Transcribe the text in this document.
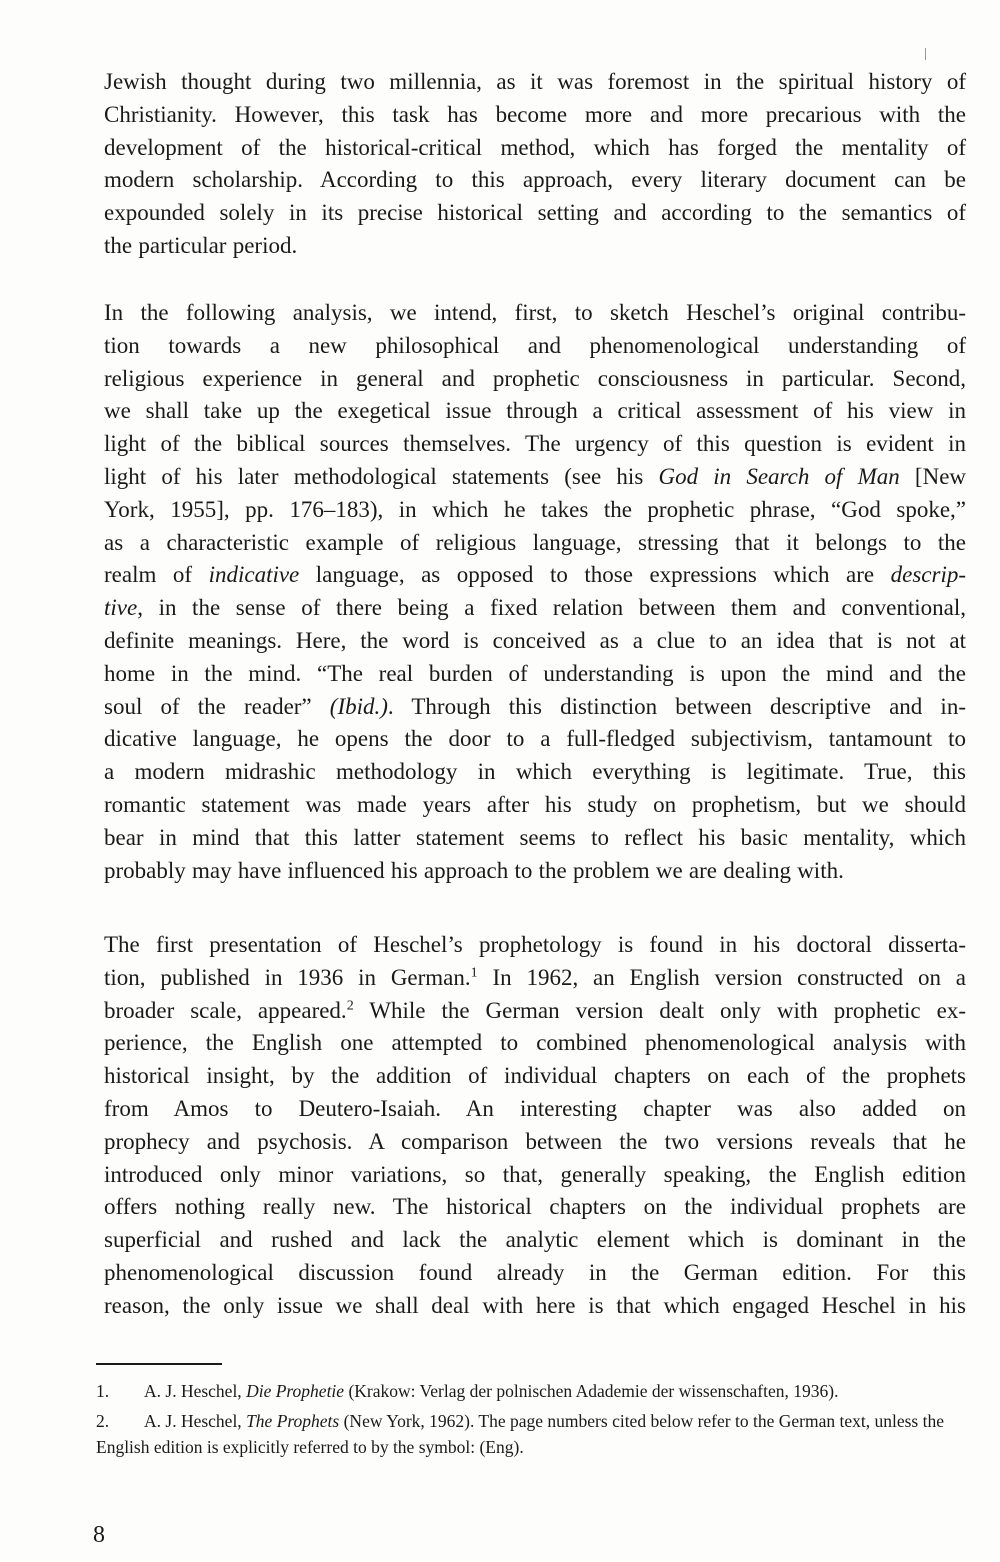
Jewish thought during two millennia, as it was foremost in the spiritual history of
Christianity. However, this task has become more and more precarious with the
development of the historical-critical method, which has forged the mentality of
modern scholarship. According to this approach, every literary document can be
expounded solely in its precise historical setting and according to the semantics of
the particular period.
In the following analysis, we intend, first, to sketch Heschel’s original contribu-
tion towards a new philosophical and phenomenological understanding of
religious experience in general and prophetic consciousness in particular. Second,
we shall take up the exegetical issue through a critical assessment of his view in
light of the biblical sources themselves. The urgency of this question is evident in
light of his later methodological statements (see his God in Search of Man [New
York, 1955], pp. 176–183), in which he takes the prophetic phrase, “God spoke,”
as a characteristic example of religious language, stressing that it belongs to the
realm of indicative language, as opposed to those expressions which are descrip-
tive, in the sense of there being a fixed relation between them and conventional,
definite meanings. Here, the word is conceived as a clue to an idea that is not at
home in the mind. “The real burden of understanding is upon the mind and the
soul of the reader” (Ibid.). Through this distinction between descriptive and in-
dicative language, he opens the door to a full-fledged subjectivism, tantamount to
a modern midrashic methodology in which everything is legitimate. True, this
romantic statement was made years after his study on prophetism, but we should
bear in mind that this latter statement seems to reflect his basic mentality, which
probably may have influenced his approach to the problem we are dealing with.
The first presentation of Heschel’s prophetology is found in his doctoral disserta-
tion, published in 1936 in German.$^1$ In 1962, an English version constructed on a
broader scale, appeared.$^2$ While the German version dealt only with prophetic ex-
perience, the English one attempted to combined phenomenological analysis with
historical insight, by the addition of individual chapters on each of the prophets
from Amos to Deutero-Isaiah. An interesting chapter was also added on
prophecy and psychosis. A comparison between the two versions reveals that he
introduced only minor variations, so that, generally speaking, the English edition
offers nothing really new. The historical chapters on the individual prophets are
superficial and rushed and lack the analytic element which is dominant in the
phenomenological discussion found already in the German edition. For this
reason, the only issue we shall deal with here is that which engaged Heschel in his

1. A. J. Heschel, Die Prophetie (Krakow: Verlag der polnischen Adademie der wissenschaften, 1936).

2. A. J. Heschel, The Prophets (New York, 1962). The page numbers cited below refer to the German text, unless the English edition is explicitly referred to by the symbol: (Eng).

8
